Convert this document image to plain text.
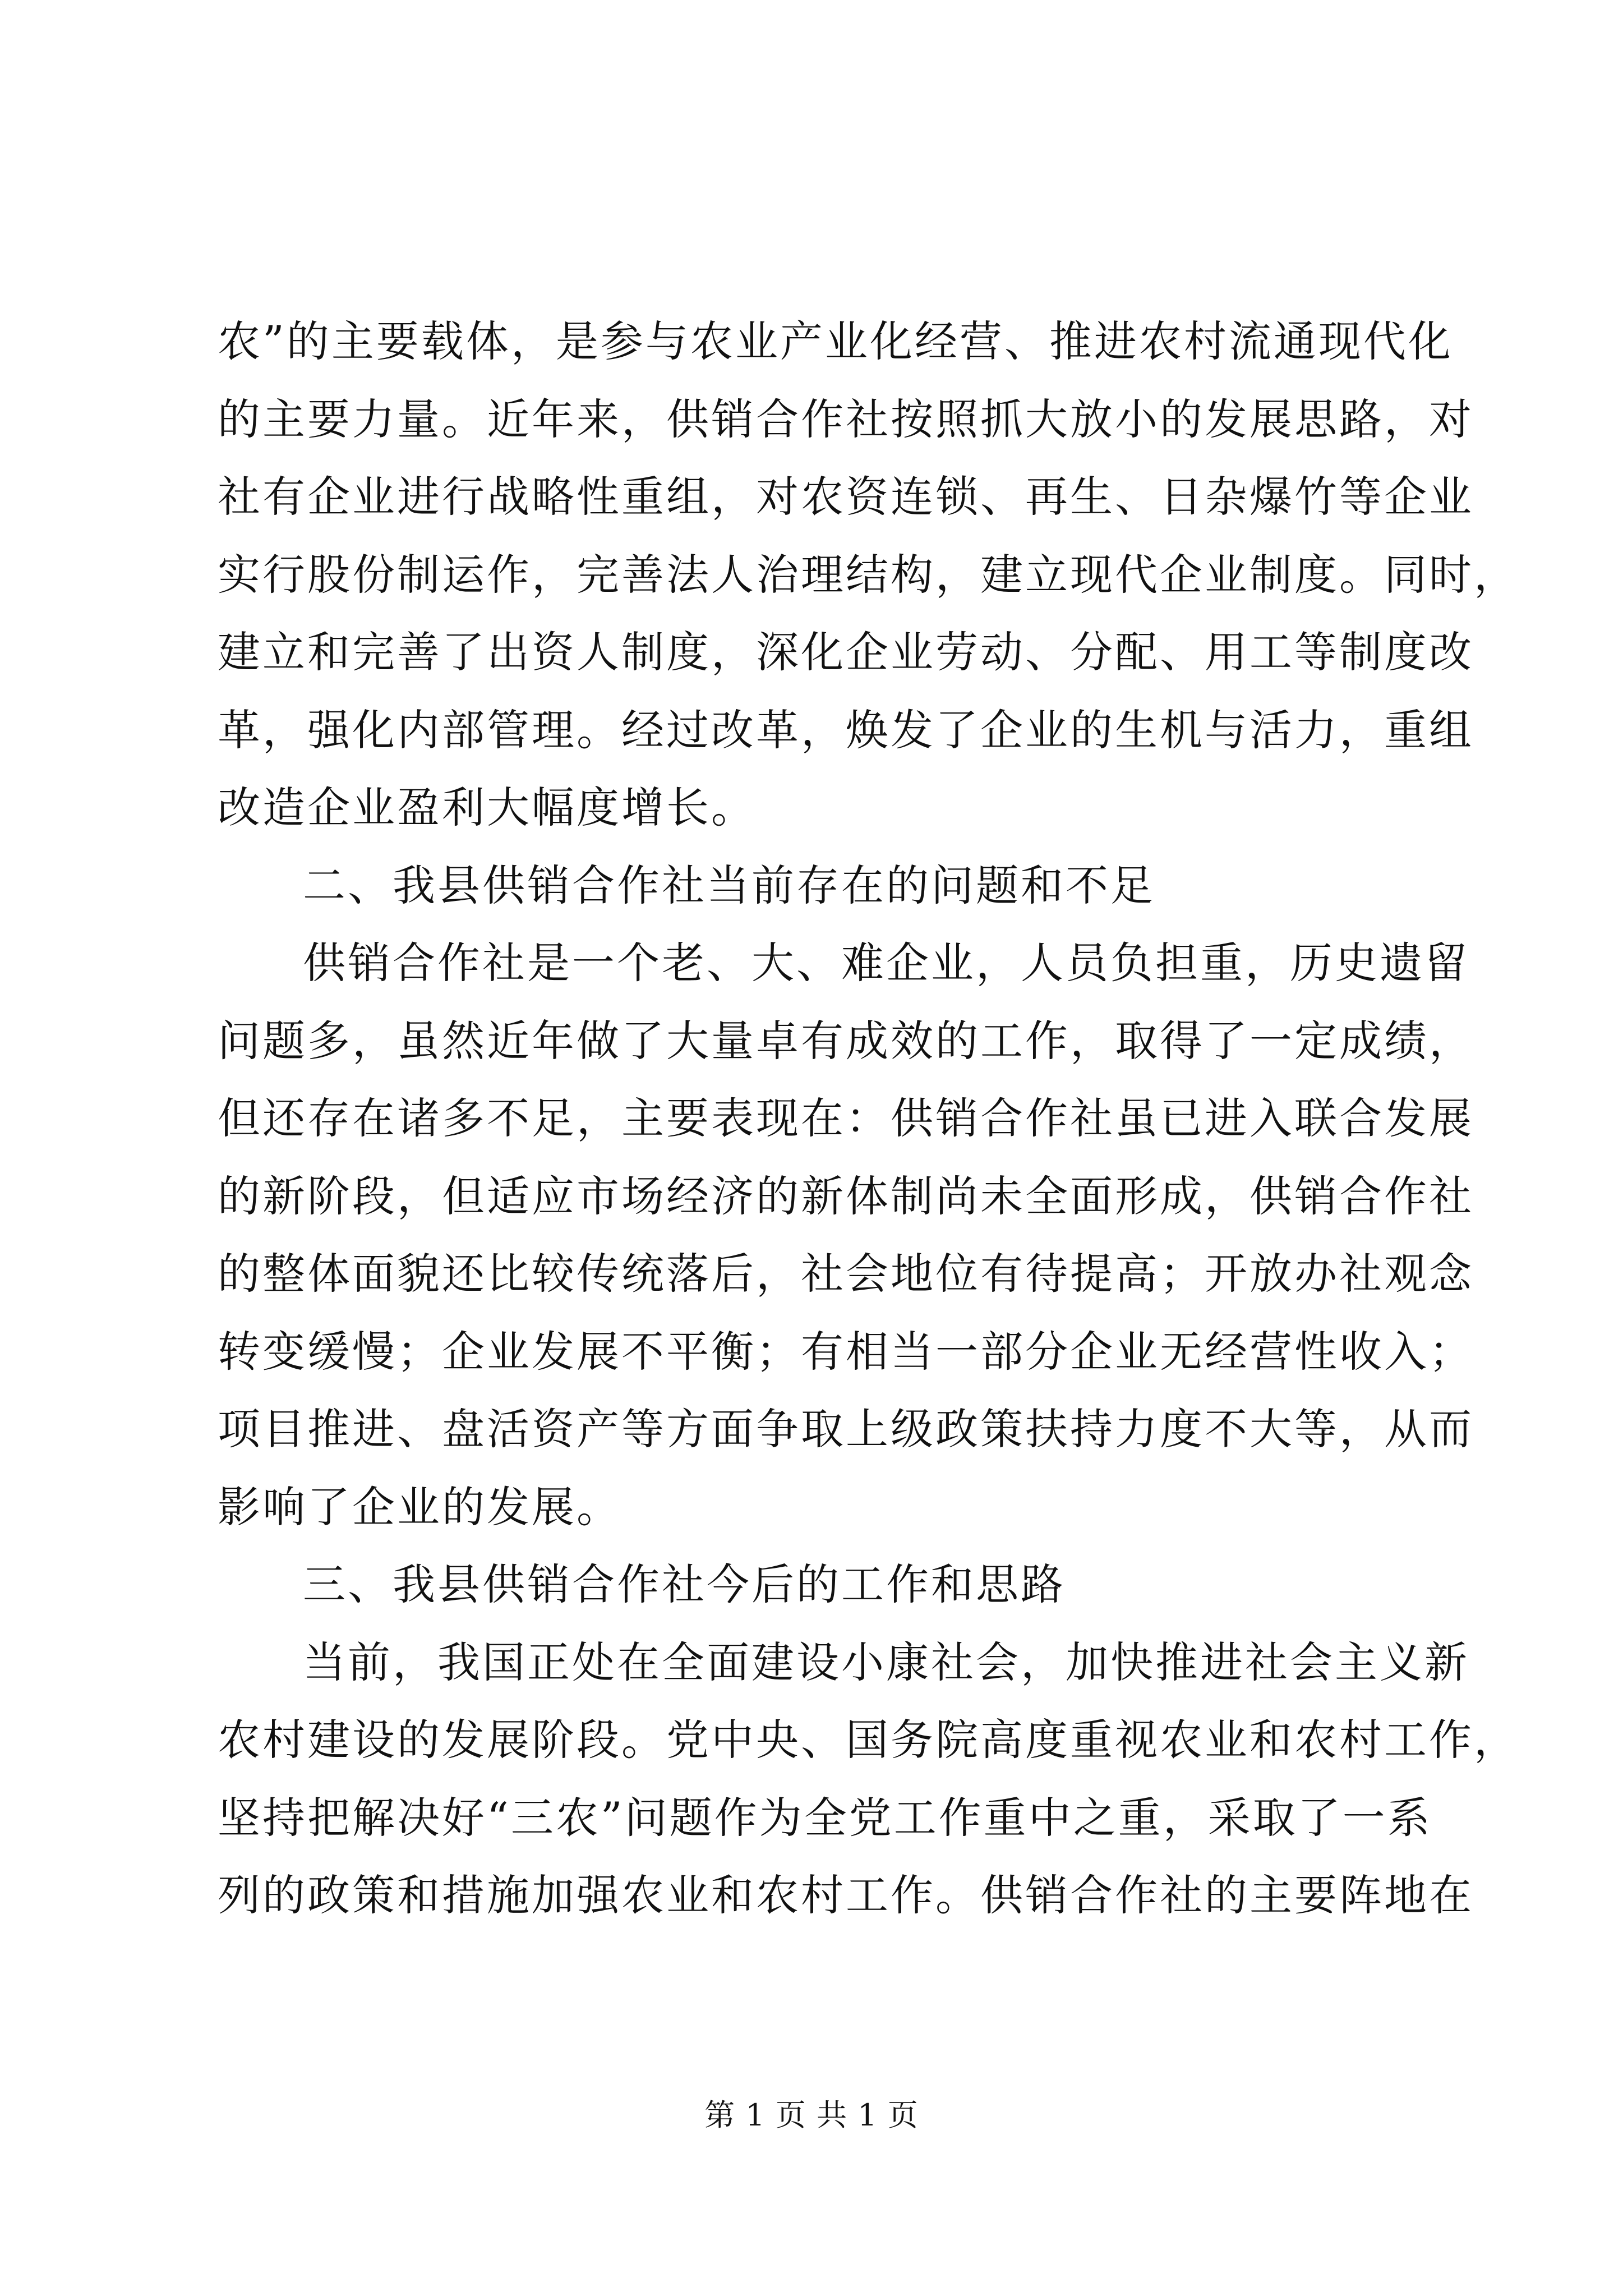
农”的主要载体，是参与农业产业化经营、推进农村流通现代化
的主要力量。近年来，供销合作社按照抓大放小的发展思路，对
社有企业进行战略性重组，对农资连锁、再生、日杂爆竹等企业
实行股份制运作，完善法人治理结构，建立现代企业制度。同时，
建立和完善了出资人制度，深化企业劳动、分配、用工等制度改
革，强化内部管理。经过改革，焕发了企业的生机与活力，重组
改造企业盈利大幅度增长。
二、我县供销合作社当前存在的问题和不足
供销合作社是一个老、大、难企业，人员负担重，历史遗留
问题多，虽然近年做了大量卓有成效的工作，取得了一定成绩，
但还存在诸多不足，主要表现在：供销合作社虽已进入联合发展
的新阶段，但适应市场经济的新体制尚未全面形成，供销合作社
的整体面貌还比较传统落后，社会地位有待提高；开放办社观念
转变缓慢；企业发展不平衡；有相当一部分企业无经营性收入；
项目推进、盘活资产等方面争取上级政策扶持力度不大等，从而
影响了企业的发展。
三、我县供销合作社今后的工作和思路
当前，我国正处在全面建设小康社会，加快推进社会主义新
农村建设的发展阶段。党中央、国务院高度重视农业和农村工作，
坚持把解决好“三农”问题作为全党工作重中之重，采取了一系
列的政策和措施加强农业和农村工作。供销合作社的主要阵地在
第 1 页 共 1 页
